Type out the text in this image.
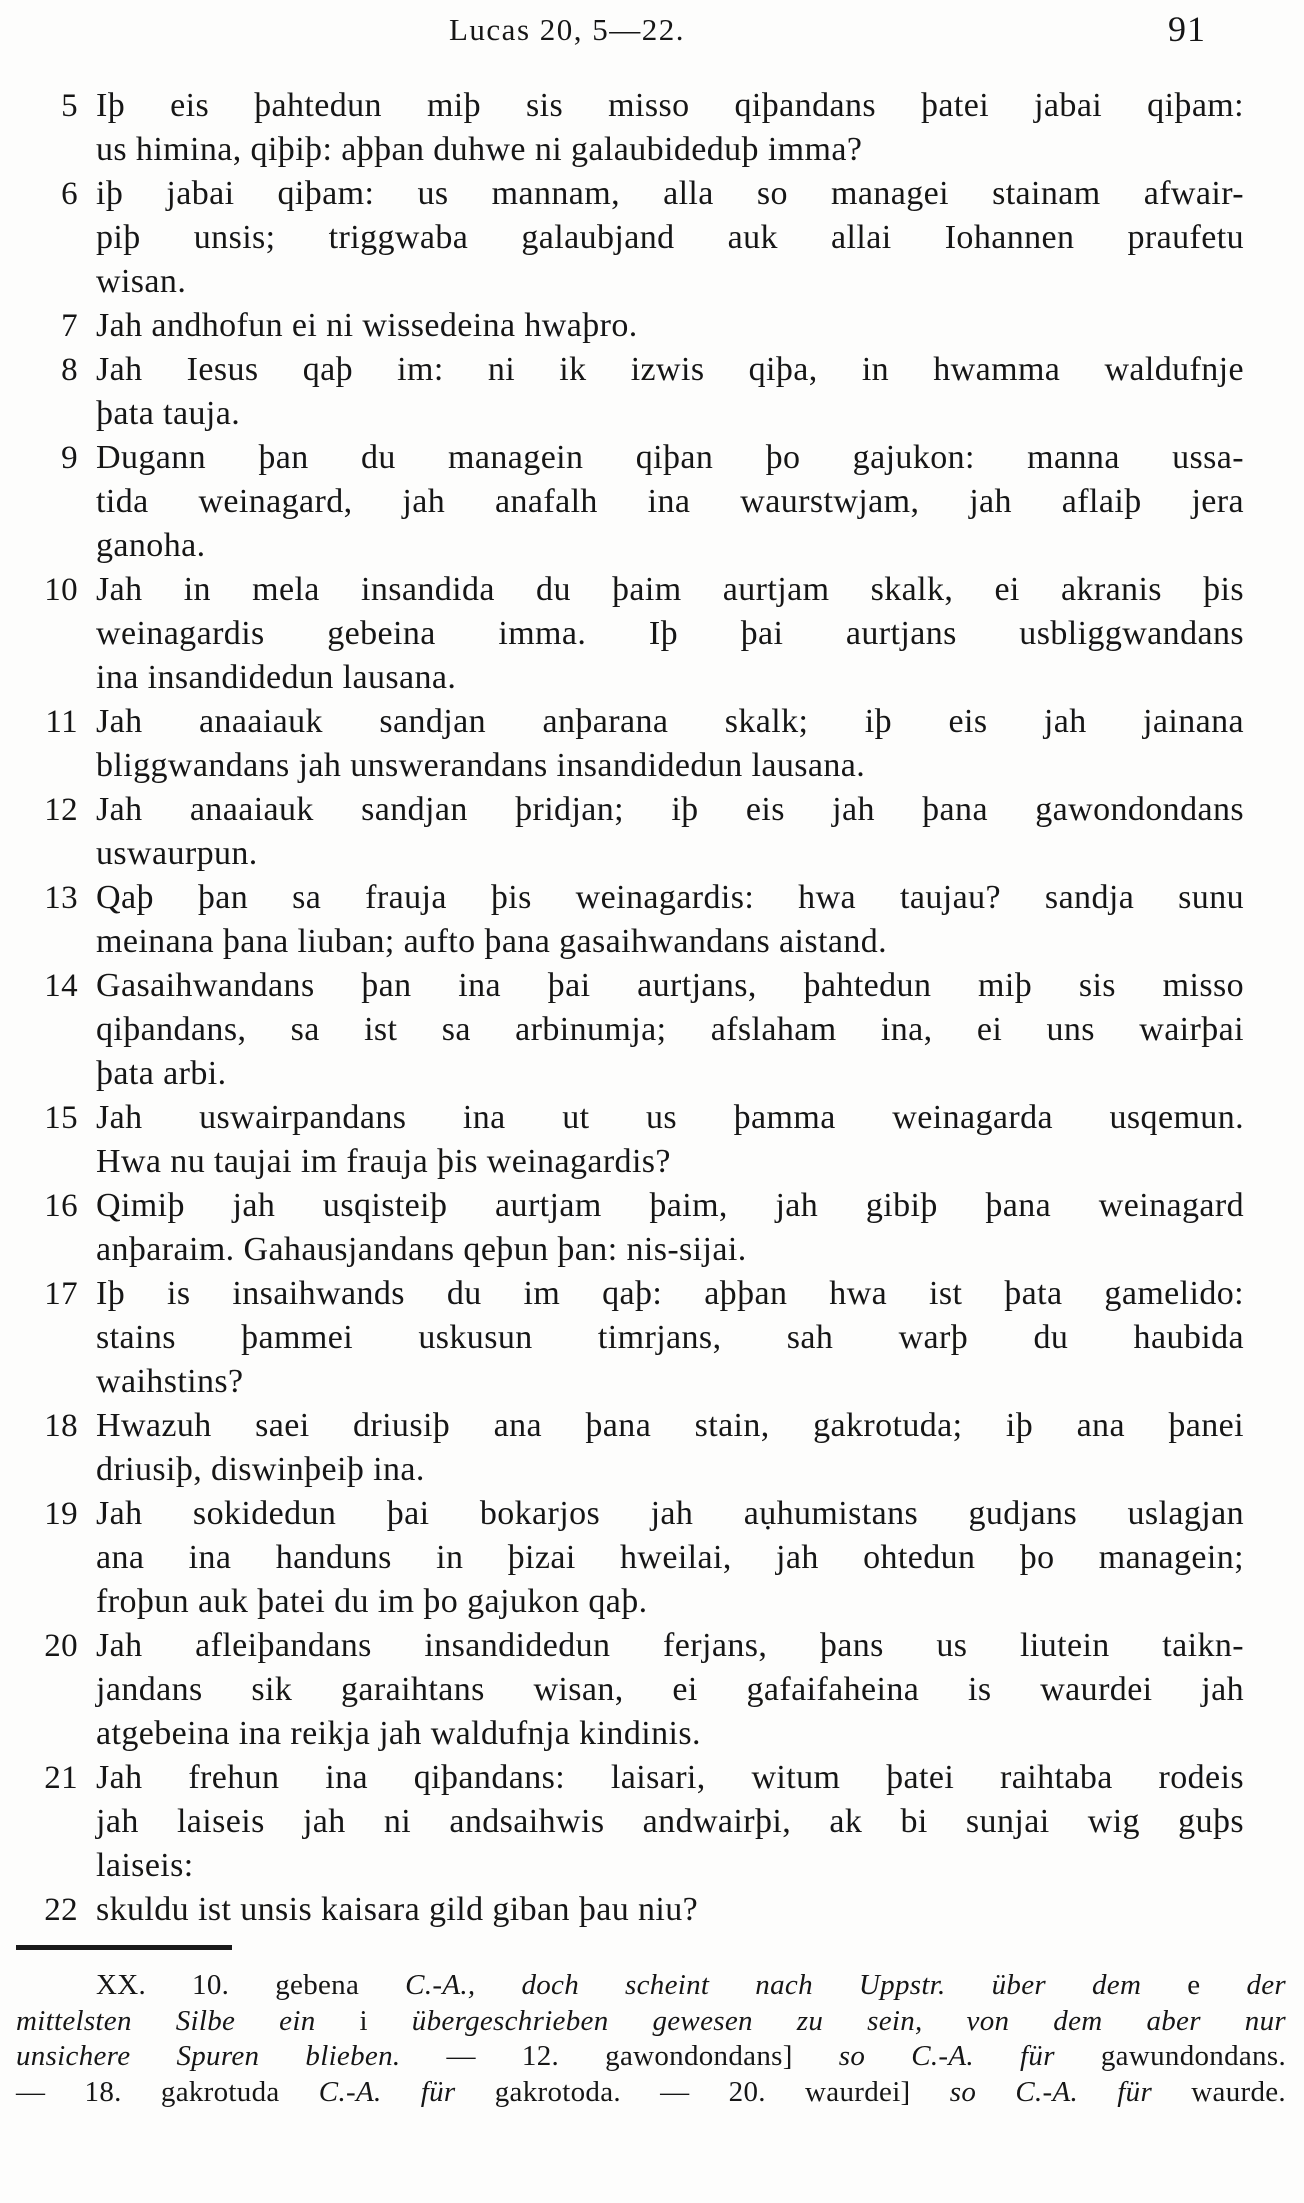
Lucas 20, 5—22.	91
5 Iþ eis þahtedun miþ sis misso qiþandans þatei jabai qiþam:
us himina, qiþiþ: aþþan duhwe ni galaubideduþ imma?
6 iþ jabai qiþam: us mannam, alla so managei stainam afwair-
piþ unsis; triggwaba galaubjand auk allai Iohannen praufetu
wisan.
7 Jah andhofun ei ni wissedeina hwaþro.
8 Jah Iesus qaþ im: ni ik izwis qiþa, in hwamma waldufnje
þata tauja.
9 Dugann þan du managein qiþan þo gajukon: manna ussa-
tida weinagard, jah anafalh ina waurstwjam, jah aflaiþ jera
ganoha.
10 Jah in mela insandida du þaim aurtjam skalk, ei akranis þis
weinagardis gebeina imma. Iþ þai aurtjans usbliggwandans
ina insandidedun lausana.
11 Jah anaaiauk sandjan anþarana skalk; iþ eis jah jainana
bliggwandans jah unswerandans insandidedun lausana.
12 Jah anaaiauk sandjan þridjan; iþ eis jah þana gawondondans
uswaurpun.
13 Qaþ þan sa frauja þis weinagardis: hwa taujau? sandja sunu
meinana þana liuban; aufto þana gasaihwandans aistand.
14 Gasaihwandans þan ina þai aurtjans, þahtedun miþ sis misso
qiþandans, sa ist sa arbinumja; afslaham ina, ei uns wairþai
þata arbi.
15 Jah uswairpandans ina ut us þamma weinagarda usqemun.
Hwa nu taujai im frauja þis weinagardis?
16 Qimiþ jah usqisteiþ aurtjam þaim, jah gibiþ þana weinagard
anþaraim. Gahausjandans qeþun þan: nis-sijai.
17 Iþ is insaihwands du im qaþ: aþþan hwa ist þata gamelido:
stains þammei uskusun timrjans, sah warþ du haubida
waihstins?
18 Hwazuh saei driusiþ ana þana stain, gakrotuda; iþ ana þanei
driusiþ, diswinþeiþ ina.
19 Jah sokidedun þai bokarjos jah aụhumistans gudjans uslagjan
ana ina handuns in þizai hweilai, jah ohtedun þo managein;
froþun auk þatei du im þo gajukon qaþ.
20 Jah afleiþandans insandidedun ferjans, þans us liutein taikn-
jandans sik garaihtans wisan, ei gafaifaheina is waurdei jah
atgebeina ina reikja jah waldufnja kindinis.
21 Jah frehun ina qiþandans: laisari, witum þatei raihtaba rodeis
jah laiseis jah ni andsaihwis andwairþi, ak bi sunjai wig guþs
laiseis:
22 skuldu ist unsis kaisara gild giban þau niu?
XX. 10. gebena C.-A., doch scheint nach Uppstr. über dem e der
mittelsten Silbe ein i übergeschrieben gewesen zu sein, von dem aber nur
unsichere Spuren blieben. — 12. gawondondans] so C.-A. für gawundondans.
— 18. gakrotuda C.-A. für gakrotoda. — 20. waurdei] so C.-A. für waurde.
